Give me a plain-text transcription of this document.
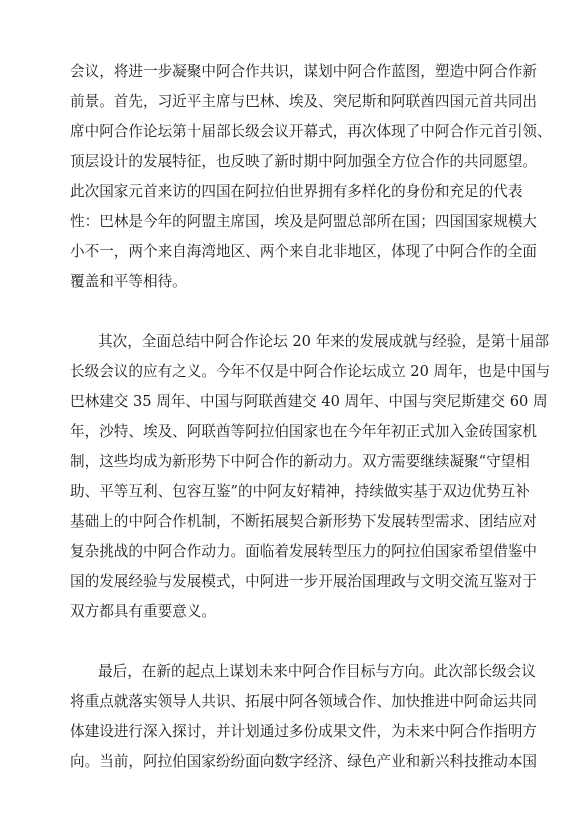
会议，将进一步凝聚中阿合作共识，谋划中阿合作蓝图，塑造中阿合作新
前景。首先，习近平主席与巴林、埃及、突尼斯和阿联酋四国元首共同出
席中阿合作论坛第十届部长级会议开幕式，再次体现了中阿合作元首引领、
顶层设计的发展特征，也反映了新时期中阿加强全方位合作的共同愿望。
此次国家元首来访的四国在阿拉伯世界拥有多样化的身份和充足的代表
性：巴林是今年的阿盟主席国，埃及是阿盟总部所在国；四国国家规模大
小不一，两个来自海湾地区、两个来自北非地区，体现了中阿合作的全面
覆盖和平等相待。
其次，全面总结中阿合作论坛 20 年来的发展成就与经验，是第十届部
长级会议的应有之义。今年不仅是中阿合作论坛成立 20 周年，也是中国与
巴林建交 35 周年、中国与阿联酋建交 40 周年、中国与突尼斯建交 60 周
年，沙特、埃及、阿联酋等阿拉伯国家也在今年年初正式加入金砖国家机
制，这些均成为新形势下中阿合作的新动力。双方需要继续凝聚“守望相
助、平等互利、包容互鉴”的中阿友好精神，持续做实基于双边优势互补
基础上的中阿合作机制，不断拓展契合新形势下发展转型需求、团结应对
复杂挑战的中阿合作动力。面临着发展转型压力的阿拉伯国家希望借鉴中
国的发展经验与发展模式，中阿进一步开展治国理政与文明交流互鉴对于
双方都具有重要意义。
最后，在新的起点上谋划未来中阿合作目标与方向。此次部长级会议
将重点就落实领导人共识、拓展中阿各领域合作、加快推进中阿命运共同
体建设进行深入探讨，并计划通过多份成果文件，为未来中阿合作指明方
向。当前，阿拉伯国家纷纷面向数字经济、绿色产业和新兴科技推动本国
